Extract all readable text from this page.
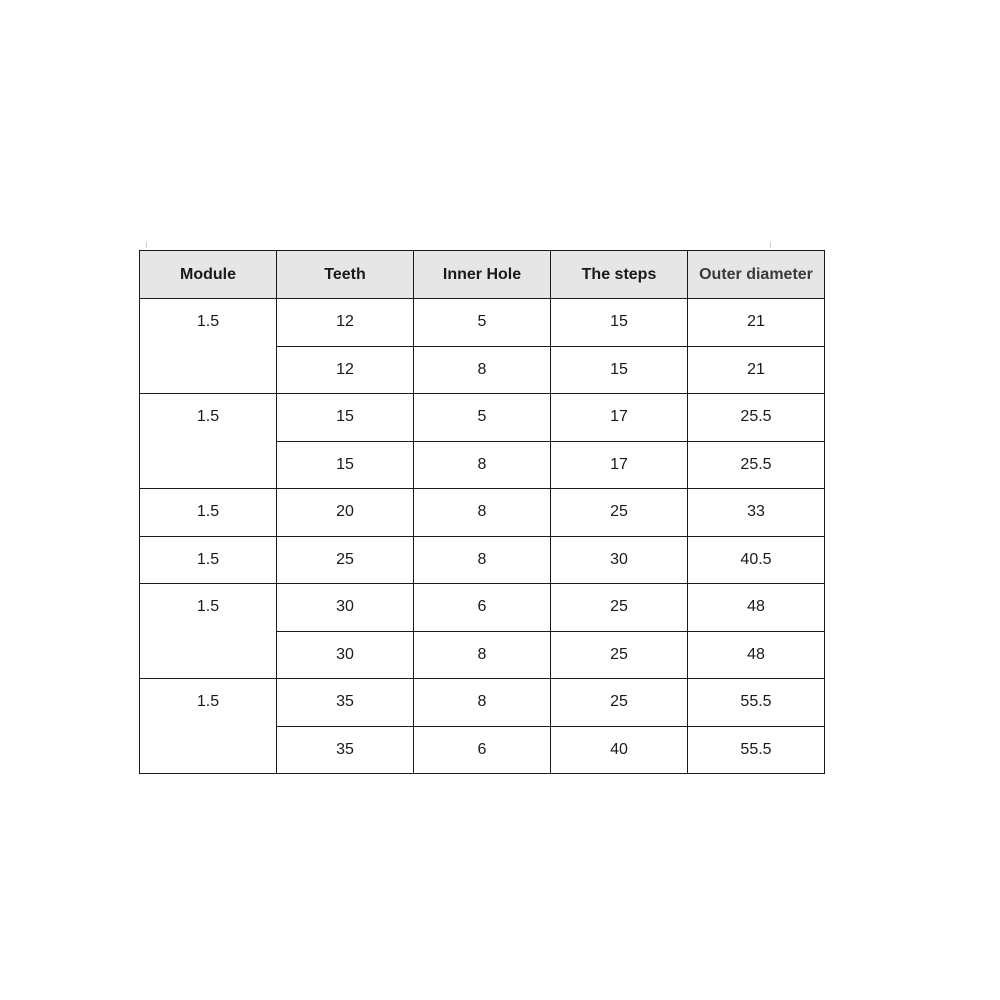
Module	Teeth	Inner Hole	The steps	Outer diameter
1.5	12	5	15	21
	12	8	15	21
1.5	15	5	17	25.5
	15	8	17	25.5
1.5	20	8	25	33
1.5	25	8	30	40.5
1.5	30	6	25	48
	30	8	25	48
1.5	35	8	25	55.5
	35	6	40	55.5
